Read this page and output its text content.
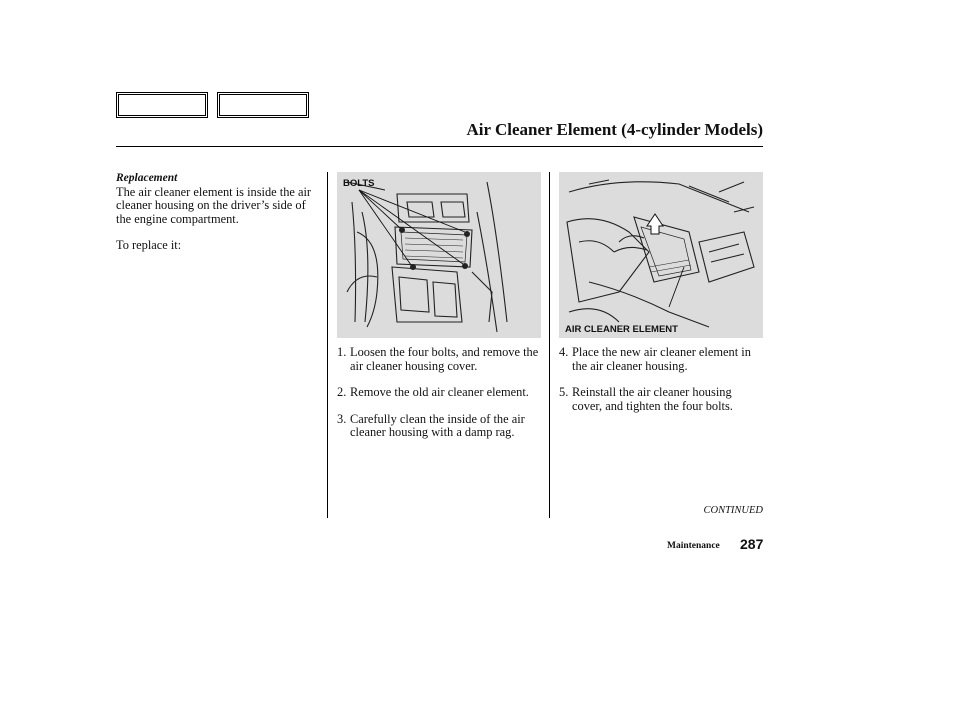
Air Cleaner Element (4-cylinder Models)
Replacement

The air cleaner element is inside the air cleaner housing on the driver’s side of the engine compartment.

To replace it:

BOLTS
AIR CLEANER ELEMENT
1. Loosen the four bolts, and remove the air cleaner housing cover.
2. Remove the old air cleaner element.
3. Carefully clean the inside of the air cleaner housing with a damp rag.
4. Place the new air cleaner element in the air cleaner housing.
5. Reinstall the air cleaner housing cover, and tighten the four bolts.
CONTINUED
Maintenance 287
